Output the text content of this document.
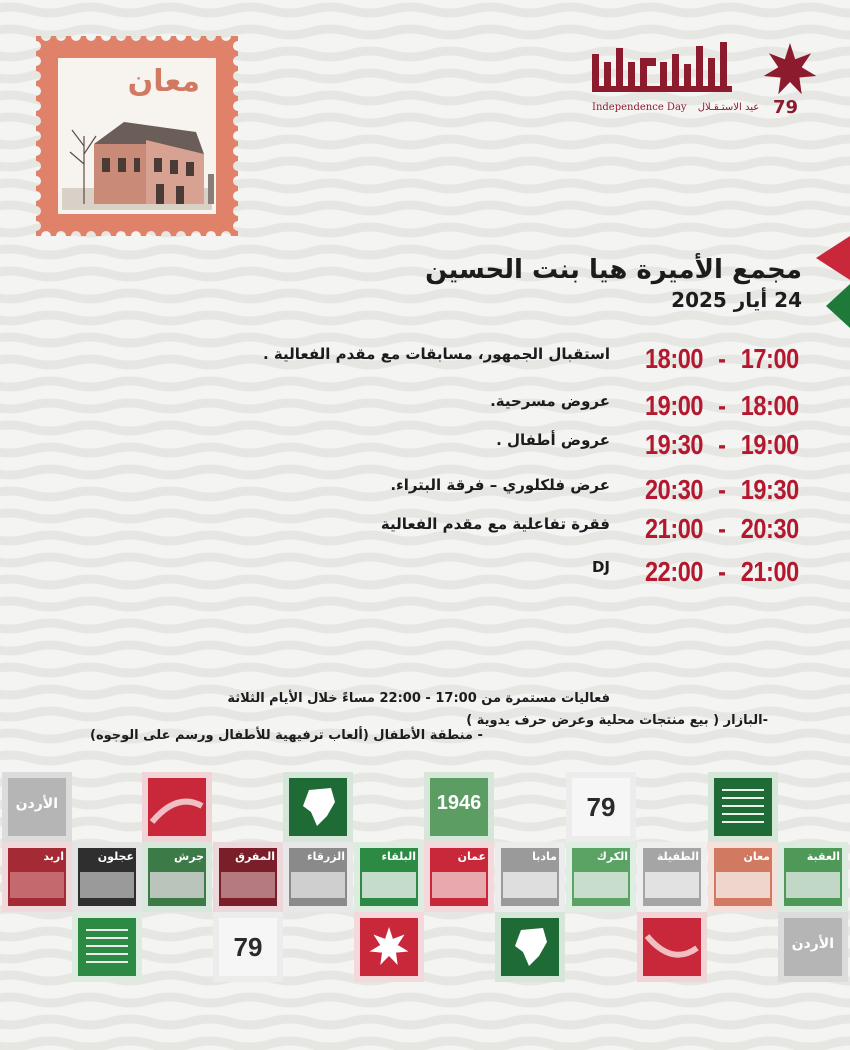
معان
Independence Day عيد الاستـقـلال 79
مجمع الأميرة هيا بنت الحسين
24 أيار 2025
استقبال الجمهور، مسابقات مع مقدم الفعالية . 18:00 - 17:00
عروض مسرحية. 19:00 - 18:00
عروض أطفال . 19:30 - 19:00
عرض فلكلوري – فرقة البتراء. 20:30 - 19:30
فقرة تفاعلية مع مقدم الفعالية 21:00 - 20:30
DJ 22:00 - 21:00
فعاليات مستمرة من 17:00 - 22:00 مساءً خلال الأيام الثلاثة
-البازار ( بيع منتجات محلية وعرض حرف يدوية )
- منطقة الأطفال (ألعاب ترفيهية للأطفال ورسم على الوجوه)
الأردن	1946	79
اربد	عجلون	جرش	المفرق	الزرقاء	البلقاء	عمان	مادبا	الكرك	الطفيلة	معان	العقبة
79	الأردن
